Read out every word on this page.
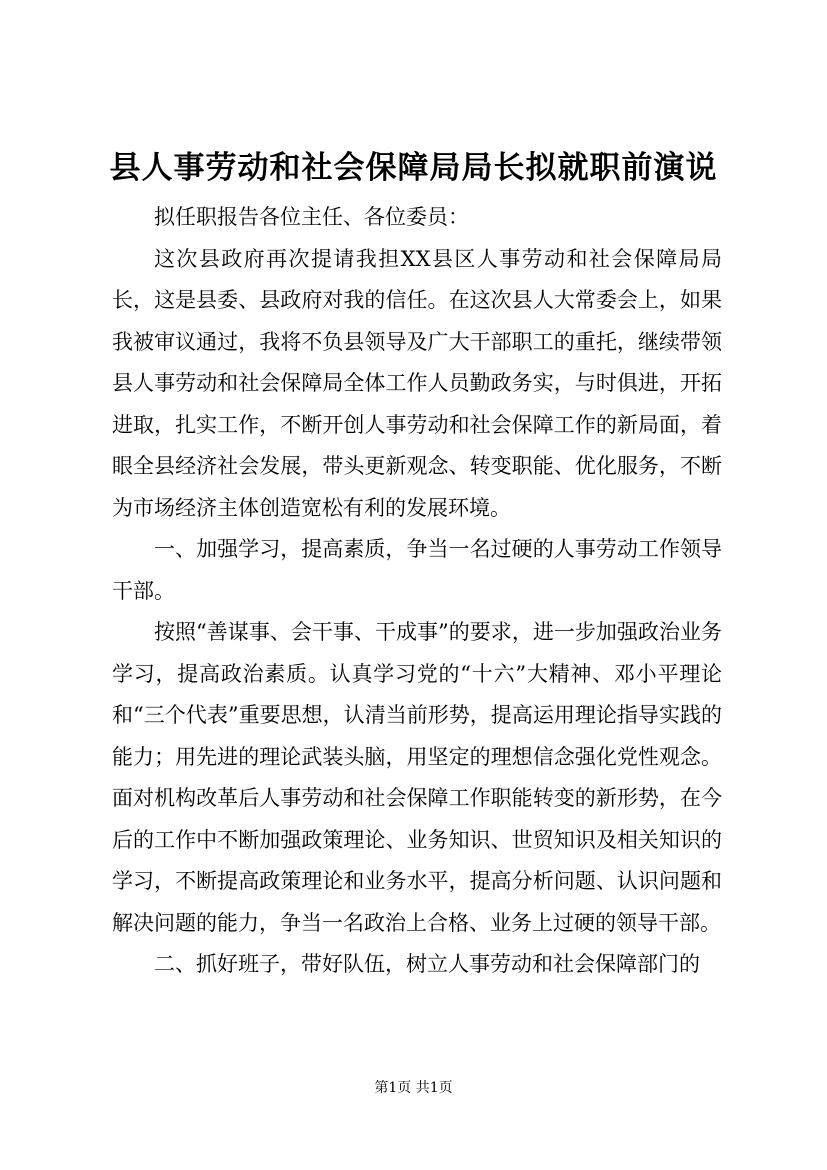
县人事劳动和社会保障局局长拟就职前演说

拟任职报告各位主任、各位委员：

这次县政府再次提请我担XX县区人事劳动和社会保障局局长，这是县委、县政府对我的信任。在这次县人大常委会上，如果我被审议通过，我将不负县领导及广大干部职工的重托，继续带领县人事劳动和社会保障局全体工作人员勤政务实，与时俱进，开拓进取，扎实工作，不断开创人事劳动和社会保障工作的新局面，着眼全县经济社会发展，带头更新观念、转变职能、优化服务，不断为市场经济主体创造宽松有利的发展环境。

一、加强学习，提高素质，争当一名过硬的人事劳动工作领导干部。

按照“善谋事、会干事、干成事”的要求，进一步加强政治业务学习，提高政治素质。认真学习党的“十六”大精神、邓小平理论和“三个代表”重要思想，认清当前形势，提高运用理论指导实践的能力；用先进的理论武装头脑，用坚定的理想信念强化党性观念。面对机构改革后人事劳动和社会保障工作职能转变的新形势，在今后的工作中不断加强政策理论、业务知识、世贸知识及相关知识的学习，不断提高政策理论和业务水平，提高分析问题、认识问题和解决问题的能力，争当一名政治上合格、业务上过硬的领导干部。

二、抓好班子，带好队伍，树立人事劳动和社会保障部门的

第1页 共1页
